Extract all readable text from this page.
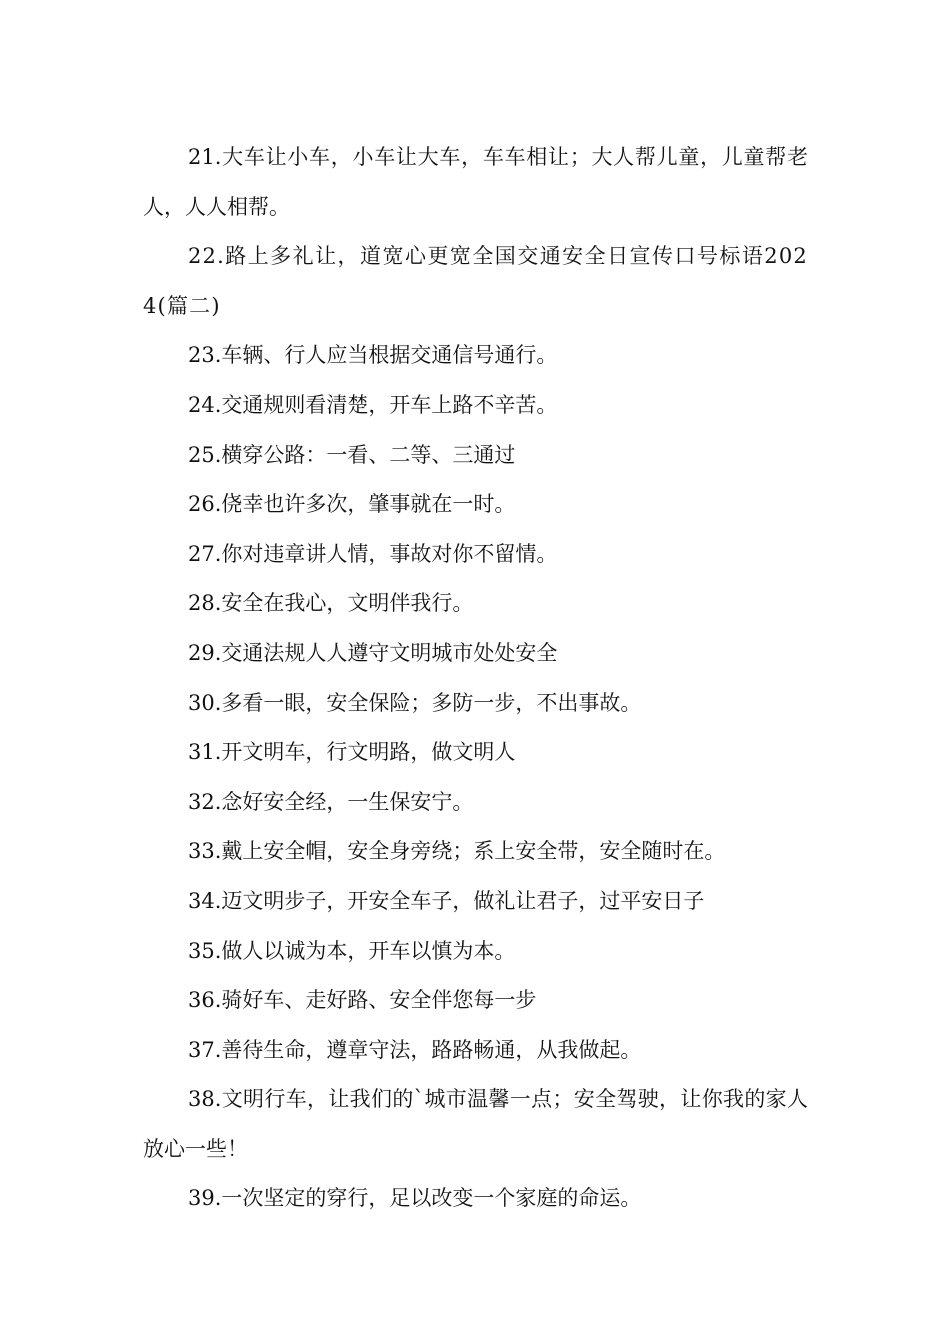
21.大车让小车，小车让大车，车车相让；大人帮儿童，儿童帮老人，人人相帮。

22.路上多礼让，道宽心更宽全国交通安全日宣传口号标语2024(篇二)

23.车辆、行人应当根据交通信号通行。

24.交通规则看清楚，开车上路不辛苦。

25.横穿公路：一看、二等、三通过

26.侥幸也许多次，肇事就在一时。

27.你对违章讲人情，事故对你不留情。

28.安全在我心，文明伴我行。

29.交通法规人人遵守文明城市处处安全

30.多看一眼，安全保险；多防一步，不出事故。

31.开文明车，行文明路，做文明人

32.念好安全经，一生保安宁。

33.戴上安全帽，安全身旁绕；系上安全带，安全随时在。

34.迈文明步子，开安全车子，做礼让君子，过平安日子

35.做人以诚为本，开车以慎为本。

36.骑好车、走好路、安全伴您每一步

37.善待生命，遵章守法，路路畅通，从我做起。

38.文明行车，让我们的`城市温馨一点；安全驾驶，让你我的家人放心一些！

39.一次坚定的穿行，足以改变一个家庭的命运。
